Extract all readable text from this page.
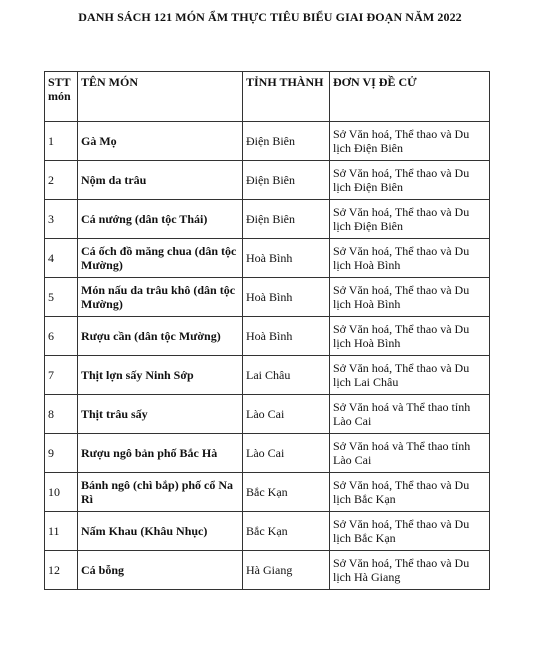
DANH SÁCH 121 MÓN ẨM THỰC TIÊU BIỂU GIAI ĐOẠN NĂM 2022
STT món	TÊN MÓN	TỈNH THÀNH	ĐƠN VỊ ĐỀ CỬ
1	Gà Mọ	Điện Biên	Sở Văn hoá, Thể thao và Du lịch Điện Biên
2	Nộm da trâu	Điện Biên	Sở Văn hoá, Thể thao và Du lịch Điện Biên
3	Cá nướng (dân tộc Thái)	Điện Biên	Sở Văn hoá, Thể thao và Du lịch Điện Biên
4	Cá ốch đồ măng chua (dân tộc Mường)	Hoà Bình	Sở Văn hoá, Thể thao và Du lịch Hoà Bình
5	Món nấu da trâu khô (dân tộc Mường)	Hoà Bình	Sở Văn hoá, Thể thao và Du lịch Hoà Bình
6	Rượu cần (dân tộc Mường)	Hoà Bình	Sở Văn hoá, Thể thao và Du lịch Hoà Bình
7	Thịt lợn sấy Ninh Sớp	Lai Châu	Sở Văn hoá, Thể thao và Du lịch Lai Châu
8	Thịt trâu sấy	Lào Cai	Sở Văn hoá và Thể thao tỉnh Lào Cai
9	Rượu ngô bản phố Bắc Hà	Lào Cai	Sở Văn hoá và Thể thao tỉnh Lào Cai
10	Bánh ngô (chì bắp) phố cổ Na Rì	Bắc Kạn	Sở Văn hoá, Thể thao và Du lịch Bắc Kạn
11	Nấm Khau (Khâu Nhục)	Bắc Kạn	Sở Văn hoá, Thể thao và Du lịch Bắc Kạn
12	Cá bỗng	Hà Giang	Sở Văn hoá, Thể thao và Du lịch Hà Giang
